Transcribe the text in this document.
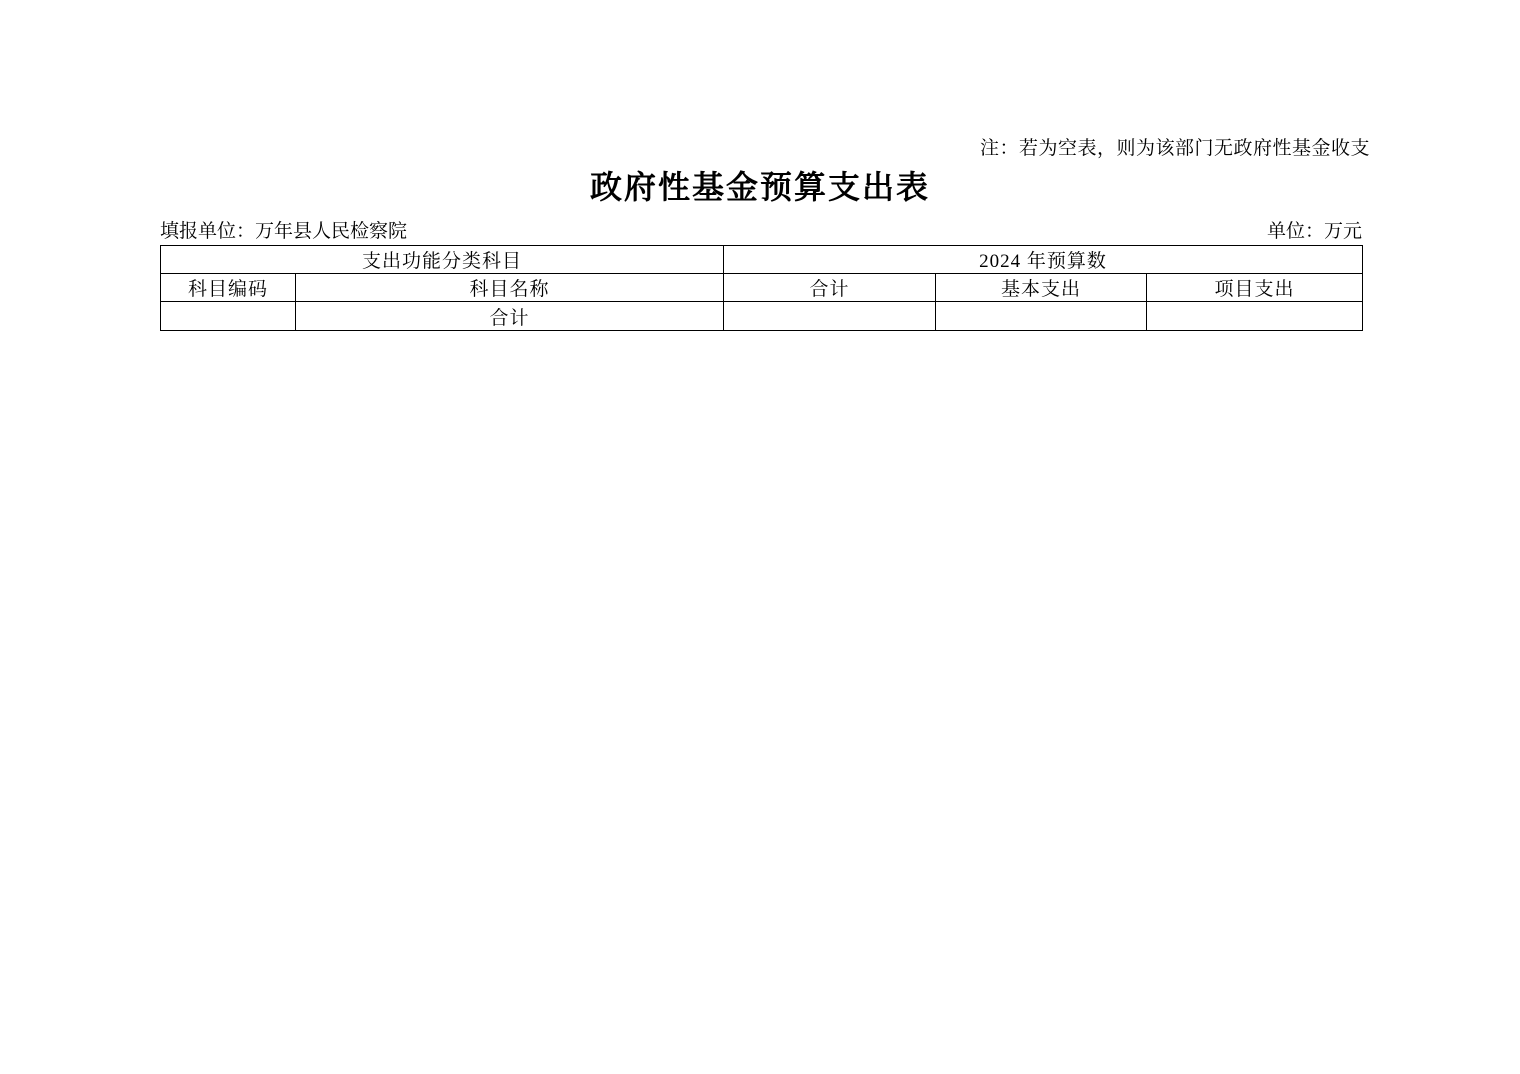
注：若为空表，则为该部门无政府性基金收支
政府性基金预算支出表
填报单位：万年县人民检察院	单位：万元
支出功能分类科目		2024 年预算数		
科目编码	科目名称	合计	基本支出	项目支出
	合计			
